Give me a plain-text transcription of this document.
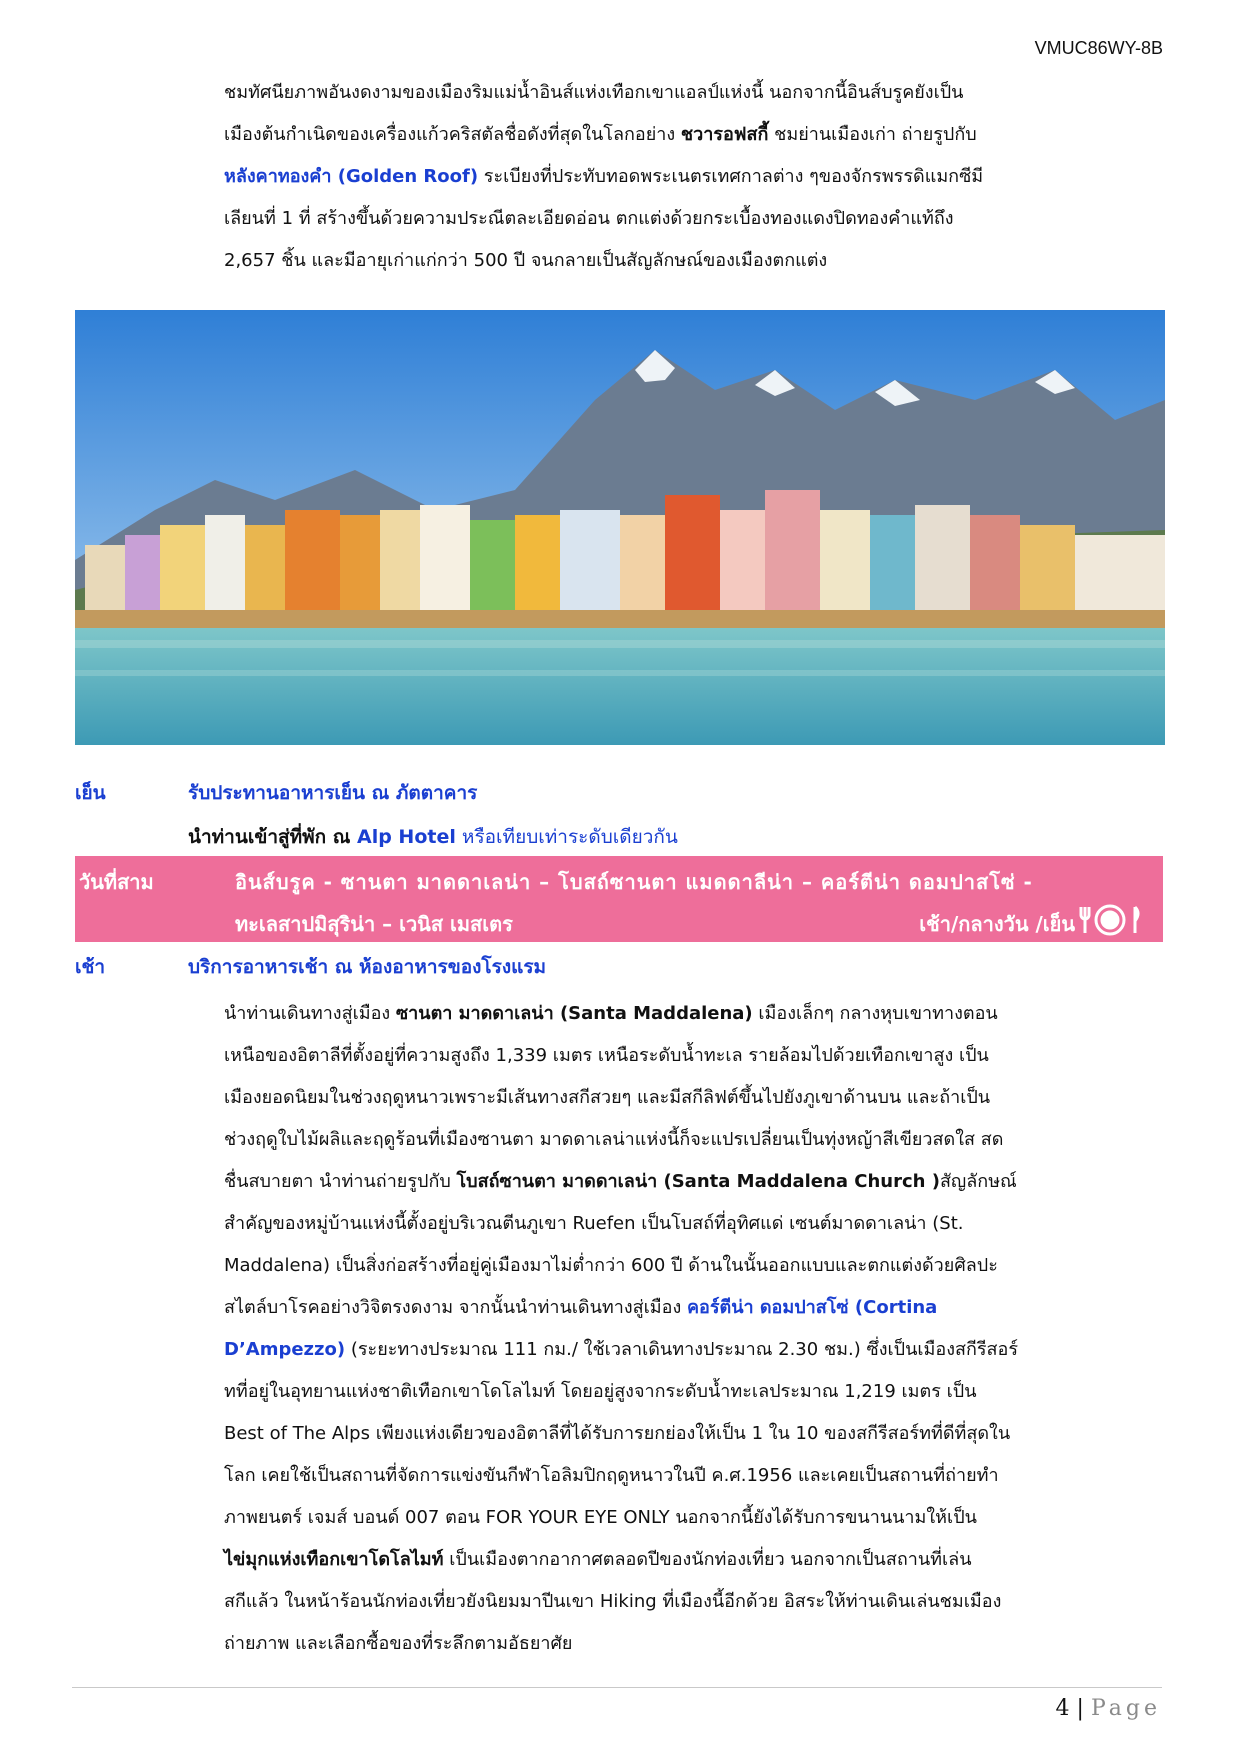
VMUC86WY-8B

ชมทัศนียภาพอันงดงามของเมืองริมแม่น้ำอินส์แห่งเทือกเขาแอลป์แห่งนี้ นอกจากนี้อินส์บรูคยังเป็น

เมืองต้นกำเนิดของเครื่องแก้วคริสตัลชื่อดังที่สุดในโลกอย่าง ชวารอฟสกี้ ชมย่านเมืองเก่า ถ่ายรูปกับ

หลังคาทองคำ (Golden Roof) ระเบียงที่ประทับทอดพระเนตรเทศกาลต่าง ๆของจักรพรรดิแมกซีมี

เลียนที่ 1 ที่ สร้างขึ้นด้วยความประณีตละเอียดอ่อน ตกแต่งด้วยกระเบื้องทองแดงปิดทองคำแท้ถึง

2,657 ชิ้น และมีอายุเก่าแก่กว่า 500 ปี จนกลายเป็นสัญลักษณ์ของเมืองตกแต่ง

เย็น	รับประทานอาหารเย็น ณ ภัตตาคาร
นำท่านเข้าสู่ที่พัก ณ Alp Hotel หรือเทียบเท่าระดับเดียวกัน
วันที่สาม	อินส์บรูค - ซานตา มาดดาเลน่า – โบสถ์ซานตา แมดดาลีน่า – คอร์ตีน่า ดอมปาสโซ่ -
ทะเลสาปมิสุริน่า – เวนิส เมสเตร	เช้า/กลางวัน /เย็น
เช้า	บริการอาหารเช้า ณ ห้องอาหารของโรงแรม

นำท่านเดินทางสู่เมือง ซานตา มาดดาเลน่า (Santa Maddalena) เมืองเล็กๆ กลางหุบเขาทางตอน

เหนือของอิตาลีที่ตั้งอยู่ที่ความสูงถึง 1,339 เมตร เหนือระดับน้ำทะเล รายล้อมไปด้วยเทือกเขาสูง เป็น

เมืองยอดนิยมในช่วงฤดูหนาวเพราะมีเส้นทางสกีสวยๆ และมีสกีลิฟต์ขึ้นไปยังภูเขาด้านบน และถ้าเป็น

ช่วงฤดูใบไม้ผลิและฤดูร้อนที่เมืองซานตา มาดดาเลน่าแห่งนี้ก็จะแปรเปลี่ยนเป็นทุ่งหญ้าสีเขียวสดใส สด

ชื่นสบายตา นำท่านถ่ายรูปกับ โบสถ์ซานตา มาดดาเลน่า (Santa Maddalena Church )สัญลักษณ์

สำคัญของหมู่บ้านแห่งนี้ตั้งอยู่บริเวณตีนภูเขา Ruefen เป็นโบสถ์ที่อุทิศแด่ เซนต์มาดดาเลน่า (St.

Maddalena) เป็นสิ่งก่อสร้างที่อยู่คู่เมืองมาไม่ต่ำกว่า 600 ปี ด้านในนั้นออกแบบและตกแต่งด้วยศิลปะ

สไตล์บาโรคอย่างวิจิตรงดงาม จากนั้นนำท่านเดินทางสู่เมือง คอร์ตีน่า ดอมปาสโซ่ (Cortina

D’Ampezzo) (ระยะทางประมาณ 111 กม./ ใช้เวลาเดินทางประมาณ 2.30 ชม.) ซึ่งเป็นเมืองสกีรีสอร์

ทที่อยู่ในอุทยานแห่งชาติเทือกเขาโดโลไมท์ โดยอยู่สูงจากระดับน้ำทะเลประมาณ 1,219 เมตร เป็น

Best of The Alps เพียงแห่งเดียวของอิตาลีที่ได้รับการยกย่องให้เป็น 1 ใน 10 ของสกีรีสอร์ทที่ดีที่สุดใน

โลก เคยใช้เป็นสถานที่จัดการแข่งขันกีฬาโอลิมปิกฤดูหนาวในปี ค.ศ.1956 และเคยเป็นสถานที่ถ่ายทำ

ภาพยนตร์ เจมส์ บอนด์ 007 ตอน FOR YOUR EYE ONLY นอกจากนี้ยังได้รับการขนานนามให้เป็น

ไข่มุกแห่งเทือกเขาโดโลไมท์ เป็นเมืองตากอากาศตลอดปีของนักท่องเที่ยว นอกจากเป็นสถานที่เล่น

สกีแล้ว ในหน้าร้อนนักท่องเที่ยวยังนิยมมาปีนเขา Hiking ที่เมืองนี้อีกด้วย อิสระให้ท่านเดินเล่นชมเมือง

ถ่ายภาพ และเลือกซื้อของที่ระลึกตามอัธยาศัย

4 | Page
